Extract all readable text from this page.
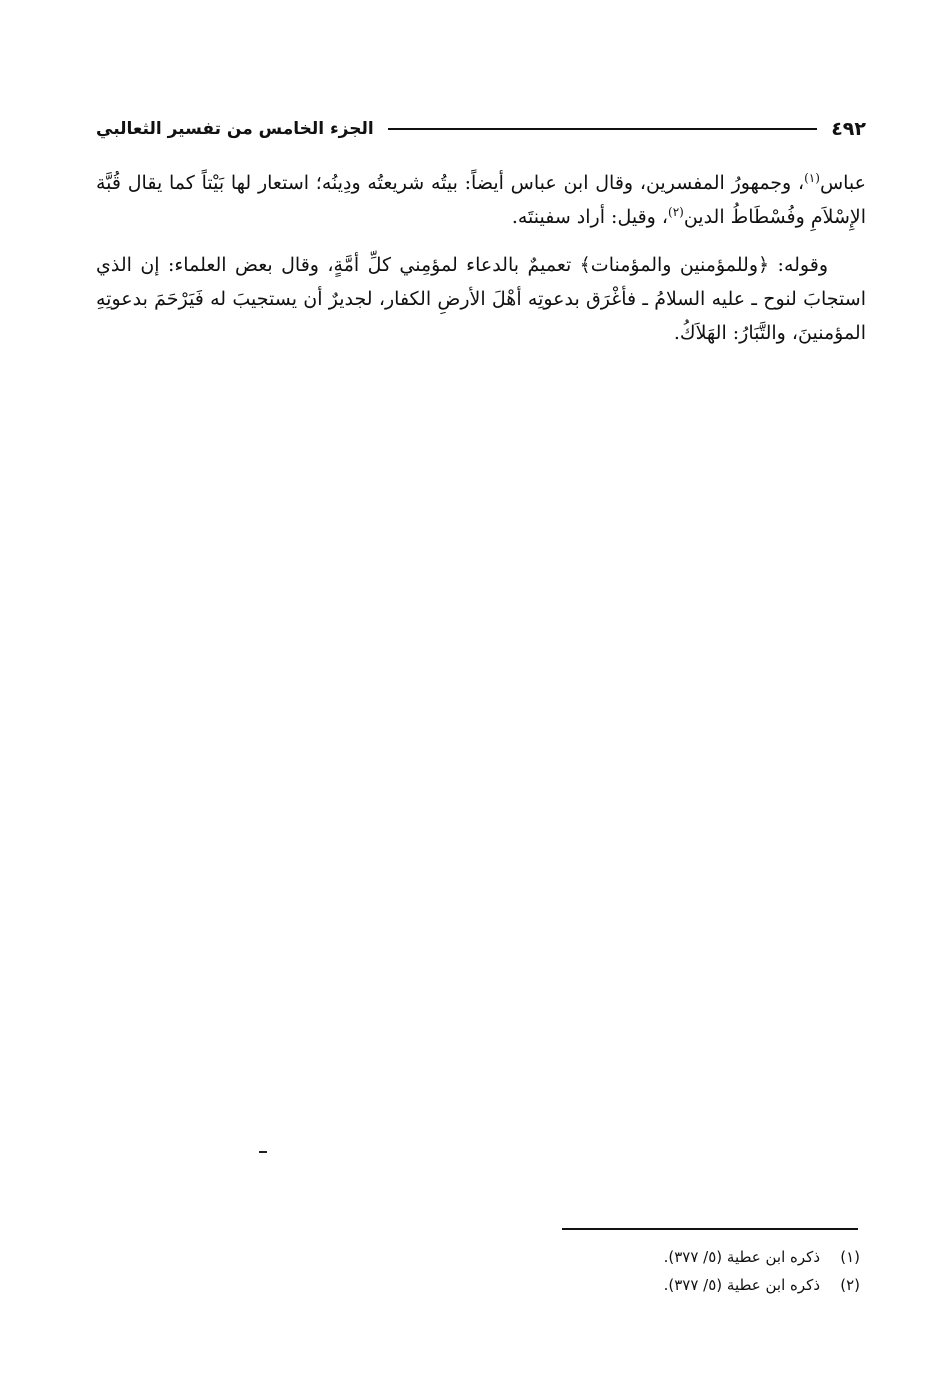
٤٩٢
الجزء الخامس من تفسير الثعالبي

عباس$^{(١)}$، وجمهورُ المفسرين، وقال ابن عباس أيضاً: بيتُه شريعتُه ودِينُه؛ استعار لها بَيْتاً كما يقال قُبَّة الإِسْلاَمِ وفُسْطَاطُ الدين$^{(٢)}$، وقيل: أراد سفينتَه.

وقوله: ﴿وللمؤمنين والمؤمنات﴾ تعميمٌ بالدعاء لمؤمِني كلِّ أمَّةٍ، وقال بعض العلماء: إن الذي استجابَ لنوح ـ عليه السلامُ ـ فأغْرَق بدعوتِه أهْلَ الأرضِ الكفار، لجديرٌ أن يستجيبَ له فَيَرْحَمَ بدعوتِهِ المؤمنينَ، والتَّبَارُ: الهَلاَكُ.

(١)
ذكره ابن عطية (٥/ ٣٧٧).
(٢)
ذكره ابن عطية (٥/ ٣٧٧).
